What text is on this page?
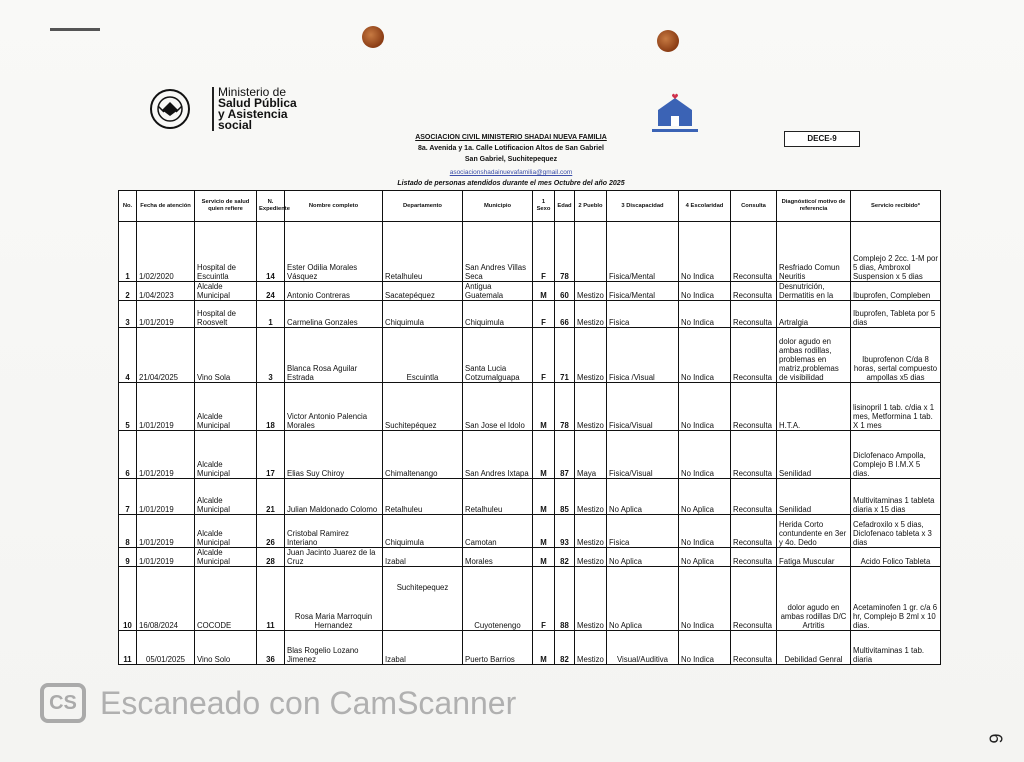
Ministerio de
Salud Pública
y Asistencia
social
DECE-9
ASOCIACION CIVIL MINISTERIO SHADAI NUEVA FAMILIA
8a. Avenida y 1a. Calle Lotificacion Altos de San Gabriel
San Gabriel, Suchitepequez
asociacionshadainuevafamilia@gmail.com
Listado de personas atendidos durante el mes Octubre del año 2025
No.	Fecha de atención	Servicio de salud quien refiere	N. Expediente	Nombre completo	Departamento	Municipio	1 Sexo	Edad	2 Pueblo	3 Discapacidad	4 Escolaridad	Consulta	Diagnóstico/ motivo de referencia	Servicio recibido*
1	1/02/2020	Hospital de Escuintla	14	Ester Odilia Morales Vásquez	Retalhuleu	San Andres Villas Seca	F	78		Fisica/Mental	No Indica	Reconsulta	Resfriado Comun Neuritis	Complejo 2 2cc. 1-M por 5 dias, Ambroxol Suspension x 5 dias
2	1/04/2023	Alcalde Municipal	24	Antonio Contreras	Sacatepéquez	Antigua Guatemala	M	60	Mestizo	Fisica/Mental	No Indica	Reconsulta	Desnutrición, Dermatitis en la	Ibuprofen, Compleben
3	1/01/2019	Hospital de Roosvelt	1	Carmelina Gonzales	Chiquimula	Chiquimula	F	66	Mestizo	Fisica	No Indica	Reconsulta	Artralgia	Ibuprofen, Tableta por 5 dias
4	21/04/2025	Vino Sola	3	Blanca Rosa Aguilar Estrada	Escuintla	Santa Lucia Cotzumalguapa	F	71	Mestizo	Fisica /Visual	No Indica	Reconsulta	dolor agudo en ambas rodillas, problemas en matriz,problemas de visibilidad	Ibuprofenon C/da 8 horas, sertal compuesto ampollas x5 dias
5	1/01/2019	Alcalde Municipal	18	Victor Antonio Palencia Morales	Suchitepéquez	San Jose el Idolo	M	78	Mestizo	Fisica/Visual	No Indica	Reconsulta	H.T.A.	lisinopril 1 tab. c/dia x 1 mes, Metformina 1 tab. X 1 mes
6	1/01/2019	Alcalde Municipal	17	Elias Suy Chiroy	Chimaltenango	San Andres Ixtapa	M	87	Maya	Fisica/Visual	No Indica	Reconsulta	Senilidad	Diclofenaco Ampolla, Complejo B I.M.X 5 dias.
7	1/01/2019	Alcalde Municipal	21	Julian Maldonado Colomo	Retalhuleu	Retalhuleu	M	85	Mestizo	No Aplica	No Aplica	Reconsulta	Senilidad	Multivitaminas 1 tableta diaria x 15 dias
8	1/01/2019	Alcalde Municipal	26	Cristobal Ramirez Interiano	Chiquimula	Camotan	M	93	Mestizo	Fisica	No Indica	Reconsulta	Herida Corto contundente en 3er y 4o. Dedo	Cefadroxilo x 5 dias, Diclofenaco tableta x 3 dias
9	1/01/2019	Alcalde Municipal	28	Juan Jacinto Juarez de la Cruz	Izabal	Morales	M	82	Mestizo	No Aplica	No Aplica	Reconsulta	Fatiga Muscular	Acido Folico Tableta
10	16/08/2024	COCODE	11	Rosa Maria Marroquin Hernandez	Suchitepequez	Cuyotenengo	F	88	Mestizo	No Aplica	No Indica	Reconsulta	dolor agudo en ambas rodillas D/C Artritis	Acetaminofen 1 gr. c/a 6 hr, Complejo B 2ml x 10 dias.
11	05/01/2025	Vino Solo	36	Blas Rogelio Lozano Jimenez	Izabal	Puerto Barrios	M	82	Mestizo	Visual/Auditiva	No Indica	Reconsulta	Debilidad Genral	Multivitaminas 1 tab. diaria
CS Escaneado con CamScanner
6
